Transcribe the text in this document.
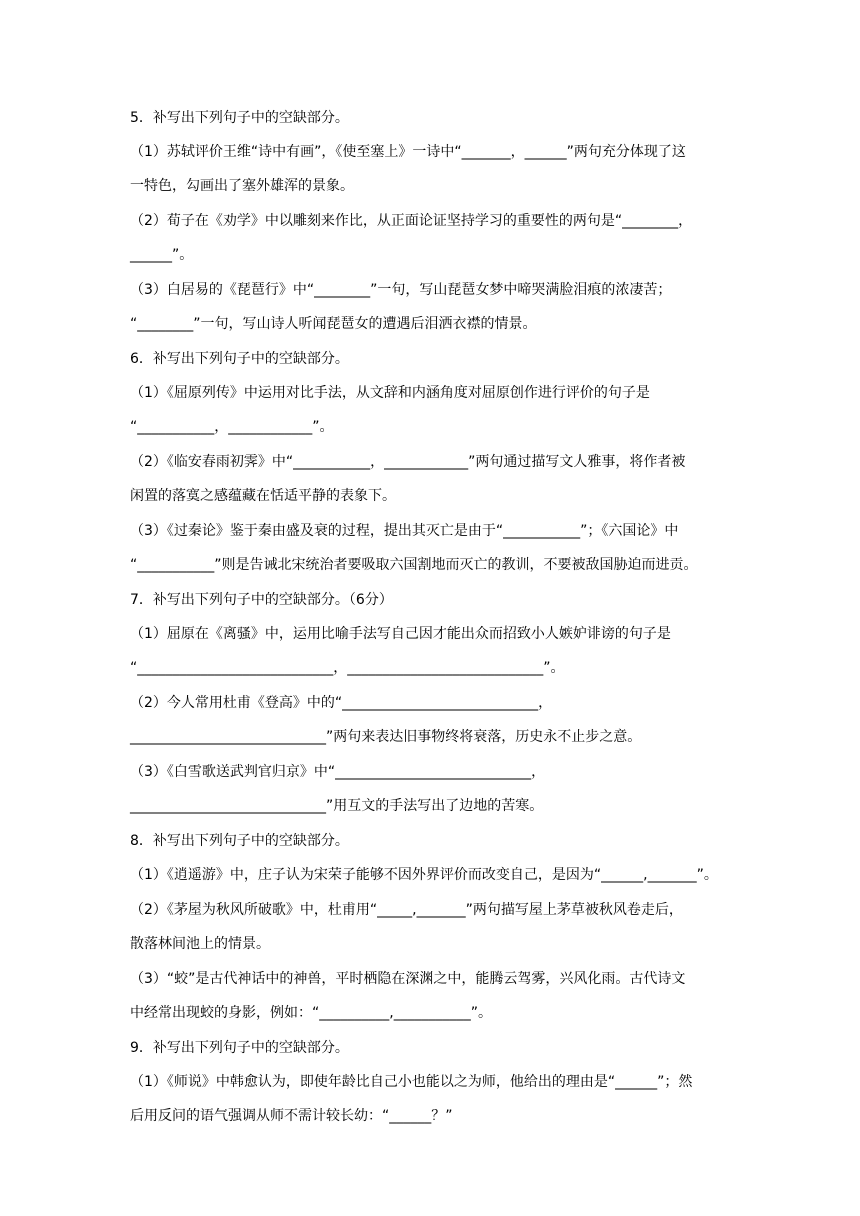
5．补写出下列句子中的空缺部分。

（1）苏轼评价王维“诗中有画”，《使至塞上》一诗中“_______，______”两句充分体现了这

一特色，勾画出了塞外雄浑的景象。

（2）荀子在《劝学》中以雕刻来作比，从正面论证坚持学习的重要性的两句是“________，

______”。

（3）白居易的《琵琶行》中“________”一句，写山琵琶女梦中啼哭满脸泪痕的浓凄苦；

“________”一句，写山诗人听闻琵琶女的遭遇后泪洒衣襟的情景。

6．补写出下列句子中的空缺部分。

（1）《屈原列传》中运用对比手法，从文辞和内涵角度对屈原创作进行评价的句子是

“___________，____________”。

（2）《临安春雨初霁》中“___________，____________”两句通过描写文人雅事，将作者被

闲置的落寞之感蕴藏在恬适平静的表象下。

（3）《过秦论》鉴于秦由盛及衰的过程，提出其灭亡是由于“___________”；《六国论》中

“___________”则是告诫北宋统治者要吸取六国割地而灭亡的教训，不要被敌国胁迫而进贡。

7．补写出下列句子中的空缺部分。（6分）

（1）屈原在《离骚》中，运用比喻手法写自己因才能出众而招致小人嫉妒诽谤的句子是

“____________________________，____________________________”。

（2）今人常用杜甫《登高》中的“____________________________，

____________________________”两句来表达旧事物终将衰落，历史永不止步之意。

（3）《白雪歌送武判官归京》中“____________________________，

____________________________”用互文的手法写出了边地的苦寒。

8．补写出下列句子中的空缺部分。

（1）《逍遥游》中，庄子认为宋荣子能够不因外界评价而改变自己，是因为“______,_______”。

（2）《茅屋为秋风所破歌》中，杜甫用“_____,_______”两句描写屋上茅草被秋风卷走后，

散落林间池上的情景。

（3）“蛟”是古代神话中的神兽，平时栖隐在深渊之中，能腾云驾雾，兴风化雨。古代诗文

中经常出现蛟的身影，例如：“__________,___________”。

9．补写出下列句子中的空缺部分。

（1）《师说》中韩愈认为，即使年龄比自己小也能以之为师，他给出的理由是“______”；然

后用反问的语气强调从师不需计较长幼：“______？”
